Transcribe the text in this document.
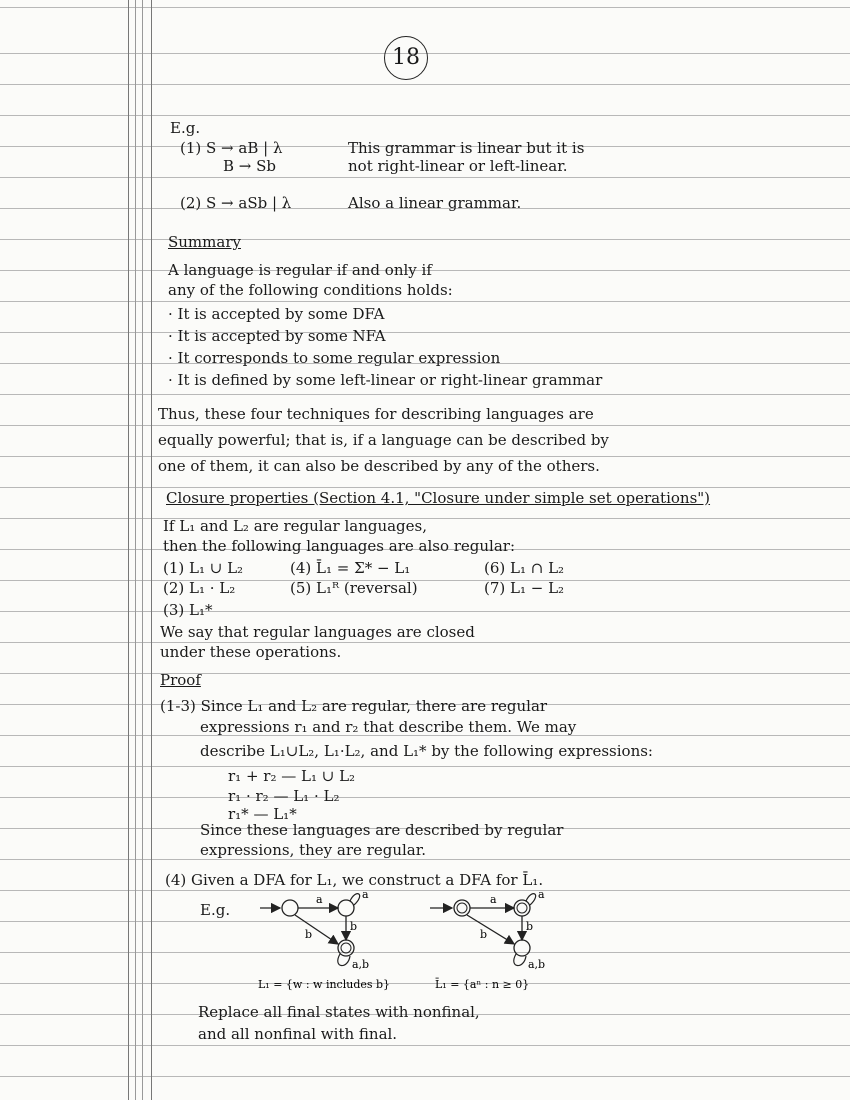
18
E.g.
(1) S → aB | λ
B → Sb
This grammar is linear but it is
not right-linear or left-linear.
(2) S → aSb | λ	Also a linear grammar.
Summary
A language is regular if and only if
any of the following conditions holds:
· It is accepted by some DFA
· It is accepted by some NFA
· It corresponds to some regular expression
· It is defined by some left-linear or right-linear grammar
Thus, these four techniques for describing languages are
equally powerful; that is, if a language can be described by
one of them, it can also be described by any of the others.
Closure properties (Section 4.1, "Closure under simple set operations")
If L₁ and L₂ are regular languages,
then the following languages are also regular:
(1) L₁ ∪ L₂	(4) L̄₁ = Σ* − L₁	(6) L₁ ∩ L₂
(2) L₁ · L₂	(5) L₁ᴿ (reversal)	(7) L₁ − L₂
(3) L₁*
We say that regular languages are closed
under these operations.
Proof
(1-3) Since L₁ and L₂ are regular, there are regular
expressions r₁ and r₂ that describe them. We may
describe L₁∪L₂, L₁·L₂, and L₁* by the following expressions:
r₁ + r₂ — L₁ ∪ L₂
r₁ · r₂ — L₁ · L₂
r₁* — L₁*
Since these languages are described by regular
expressions, they are regular.
(4) Given a DFA for L₁, we construct a DFA for L̄₁.
E.g.
Replace all final states with nonfinal,
and all nonfinal with final.
a	a
b
b
a,b
L₁ = {w : w includes b}
a	a
b
b
a,b
L̄₁ = {aⁿ : n ≥ 0}
